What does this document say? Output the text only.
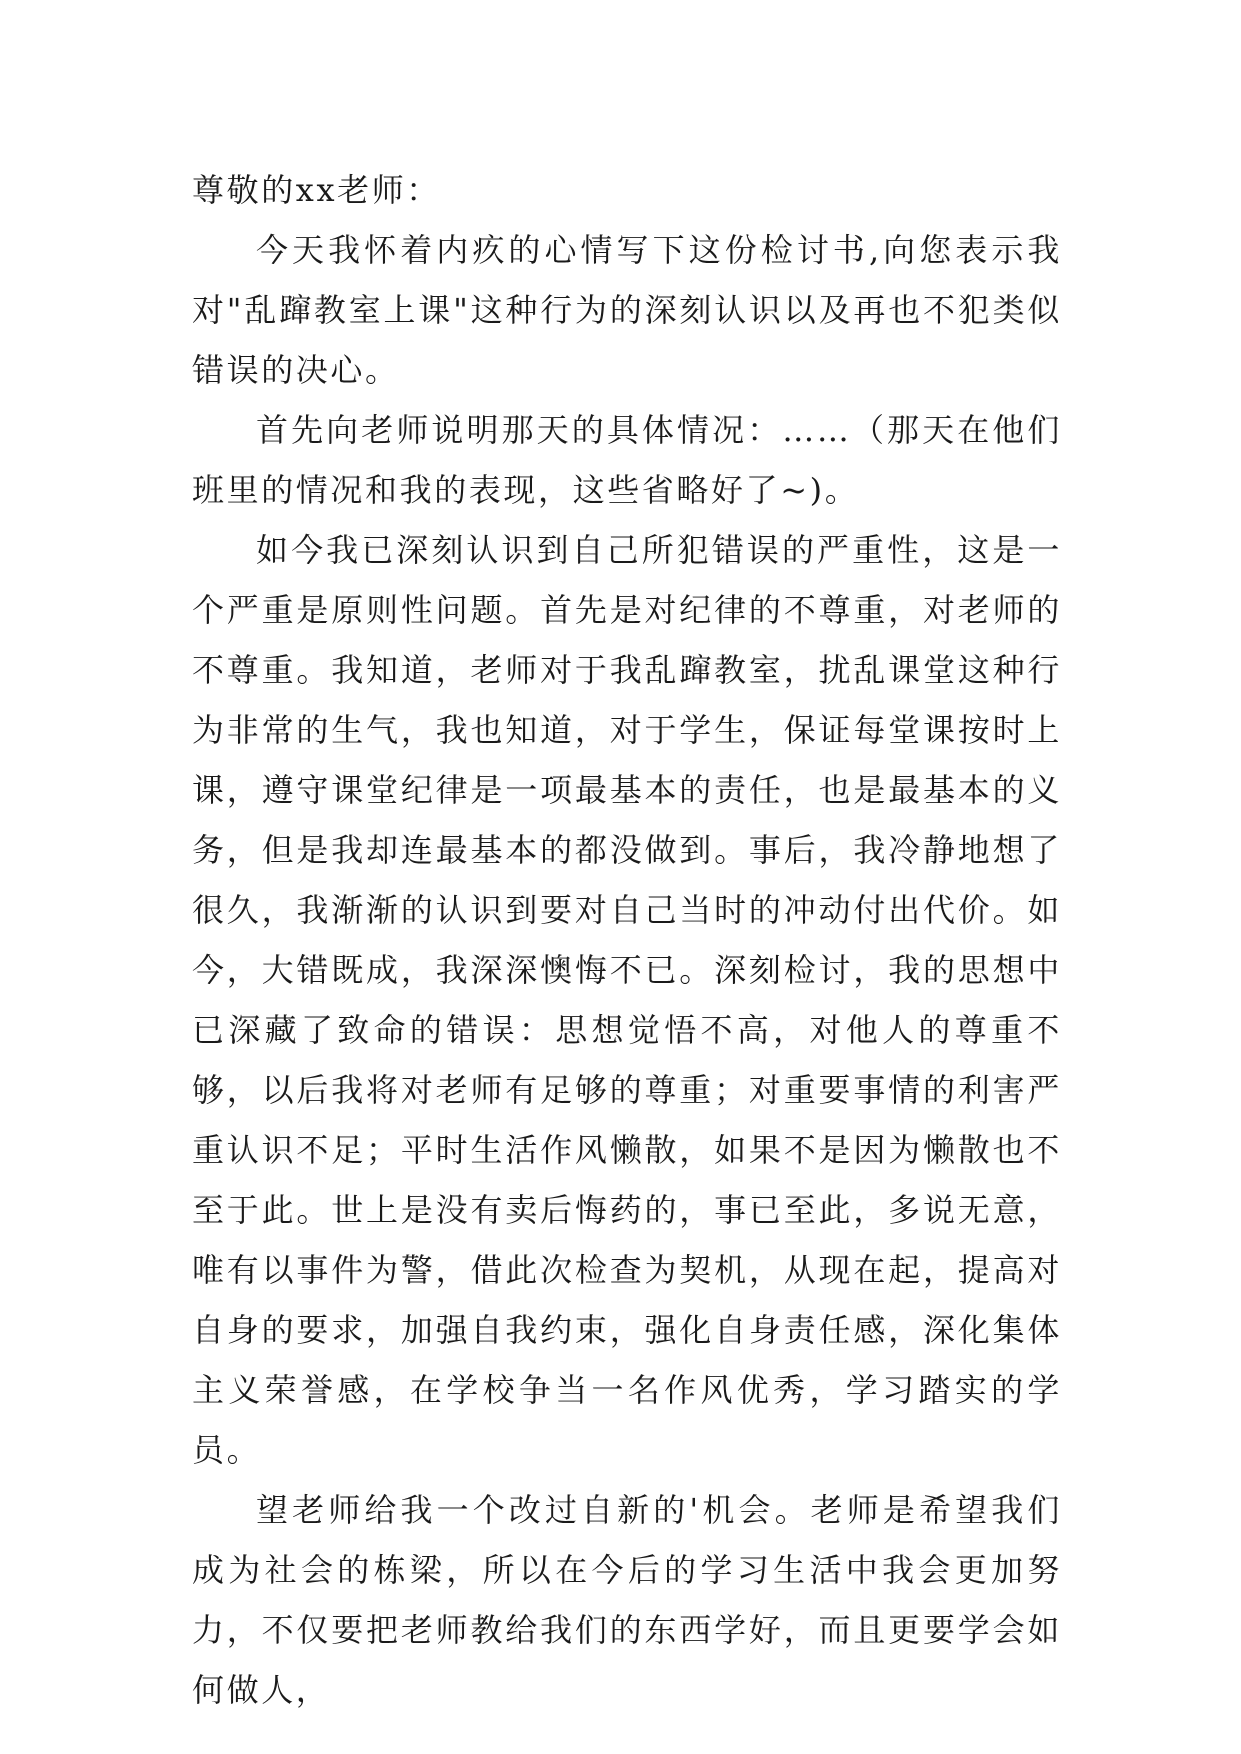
尊敬的xx老师：

今天我怀着内疚的心情写下这份检讨书,向您表示我对"乱蹿教室上课"这种行为的深刻认识以及再也不犯类似错误的决心。

首先向老师说明那天的具体情况：……（那天在他们班里的情况和我的表现，这些省略好了~)。

如今我已深刻认识到自己所犯错误的严重性，这是一个严重是原则性问题。首先是对纪律的不尊重，对老师的不尊重。我知道，老师对于我乱蹿教室，扰乱课堂这种行为非常的生气，我也知道，对于学生，保证每堂课按时上课，遵守课堂纪律是一项最基本的责任，也是最基本的义务，但是我却连最基本的都没做到。事后，我冷静地想了很久，我渐渐的认识到要对自己当时的冲动付出代价。如今，大错既成，我深深懊悔不已。深刻检讨，我的思想中已深藏了致命的错误：思想觉悟不高，对他人的尊重不够，以后我将对老师有足够的尊重；对重要事情的利害严重认识不足；平时生活作风懒散，如果不是因为懒散也不至于此。世上是没有卖后悔药的，事已至此，多说无意，唯有以事件为警，借此次检查为契机，从现在起，提高对自身的要求，加强自我约束，强化自身责任感，深化集体主义荣誉感，在学校争当一名作风优秀，学习踏实的学员。

望老师给我一个改过自新的'机会。老师是希望我们成为社会的栋梁，所以在今后的学习生活中我会更加努力，不仅要把老师教给我们的东西学好，而且更要学会如何做人，
